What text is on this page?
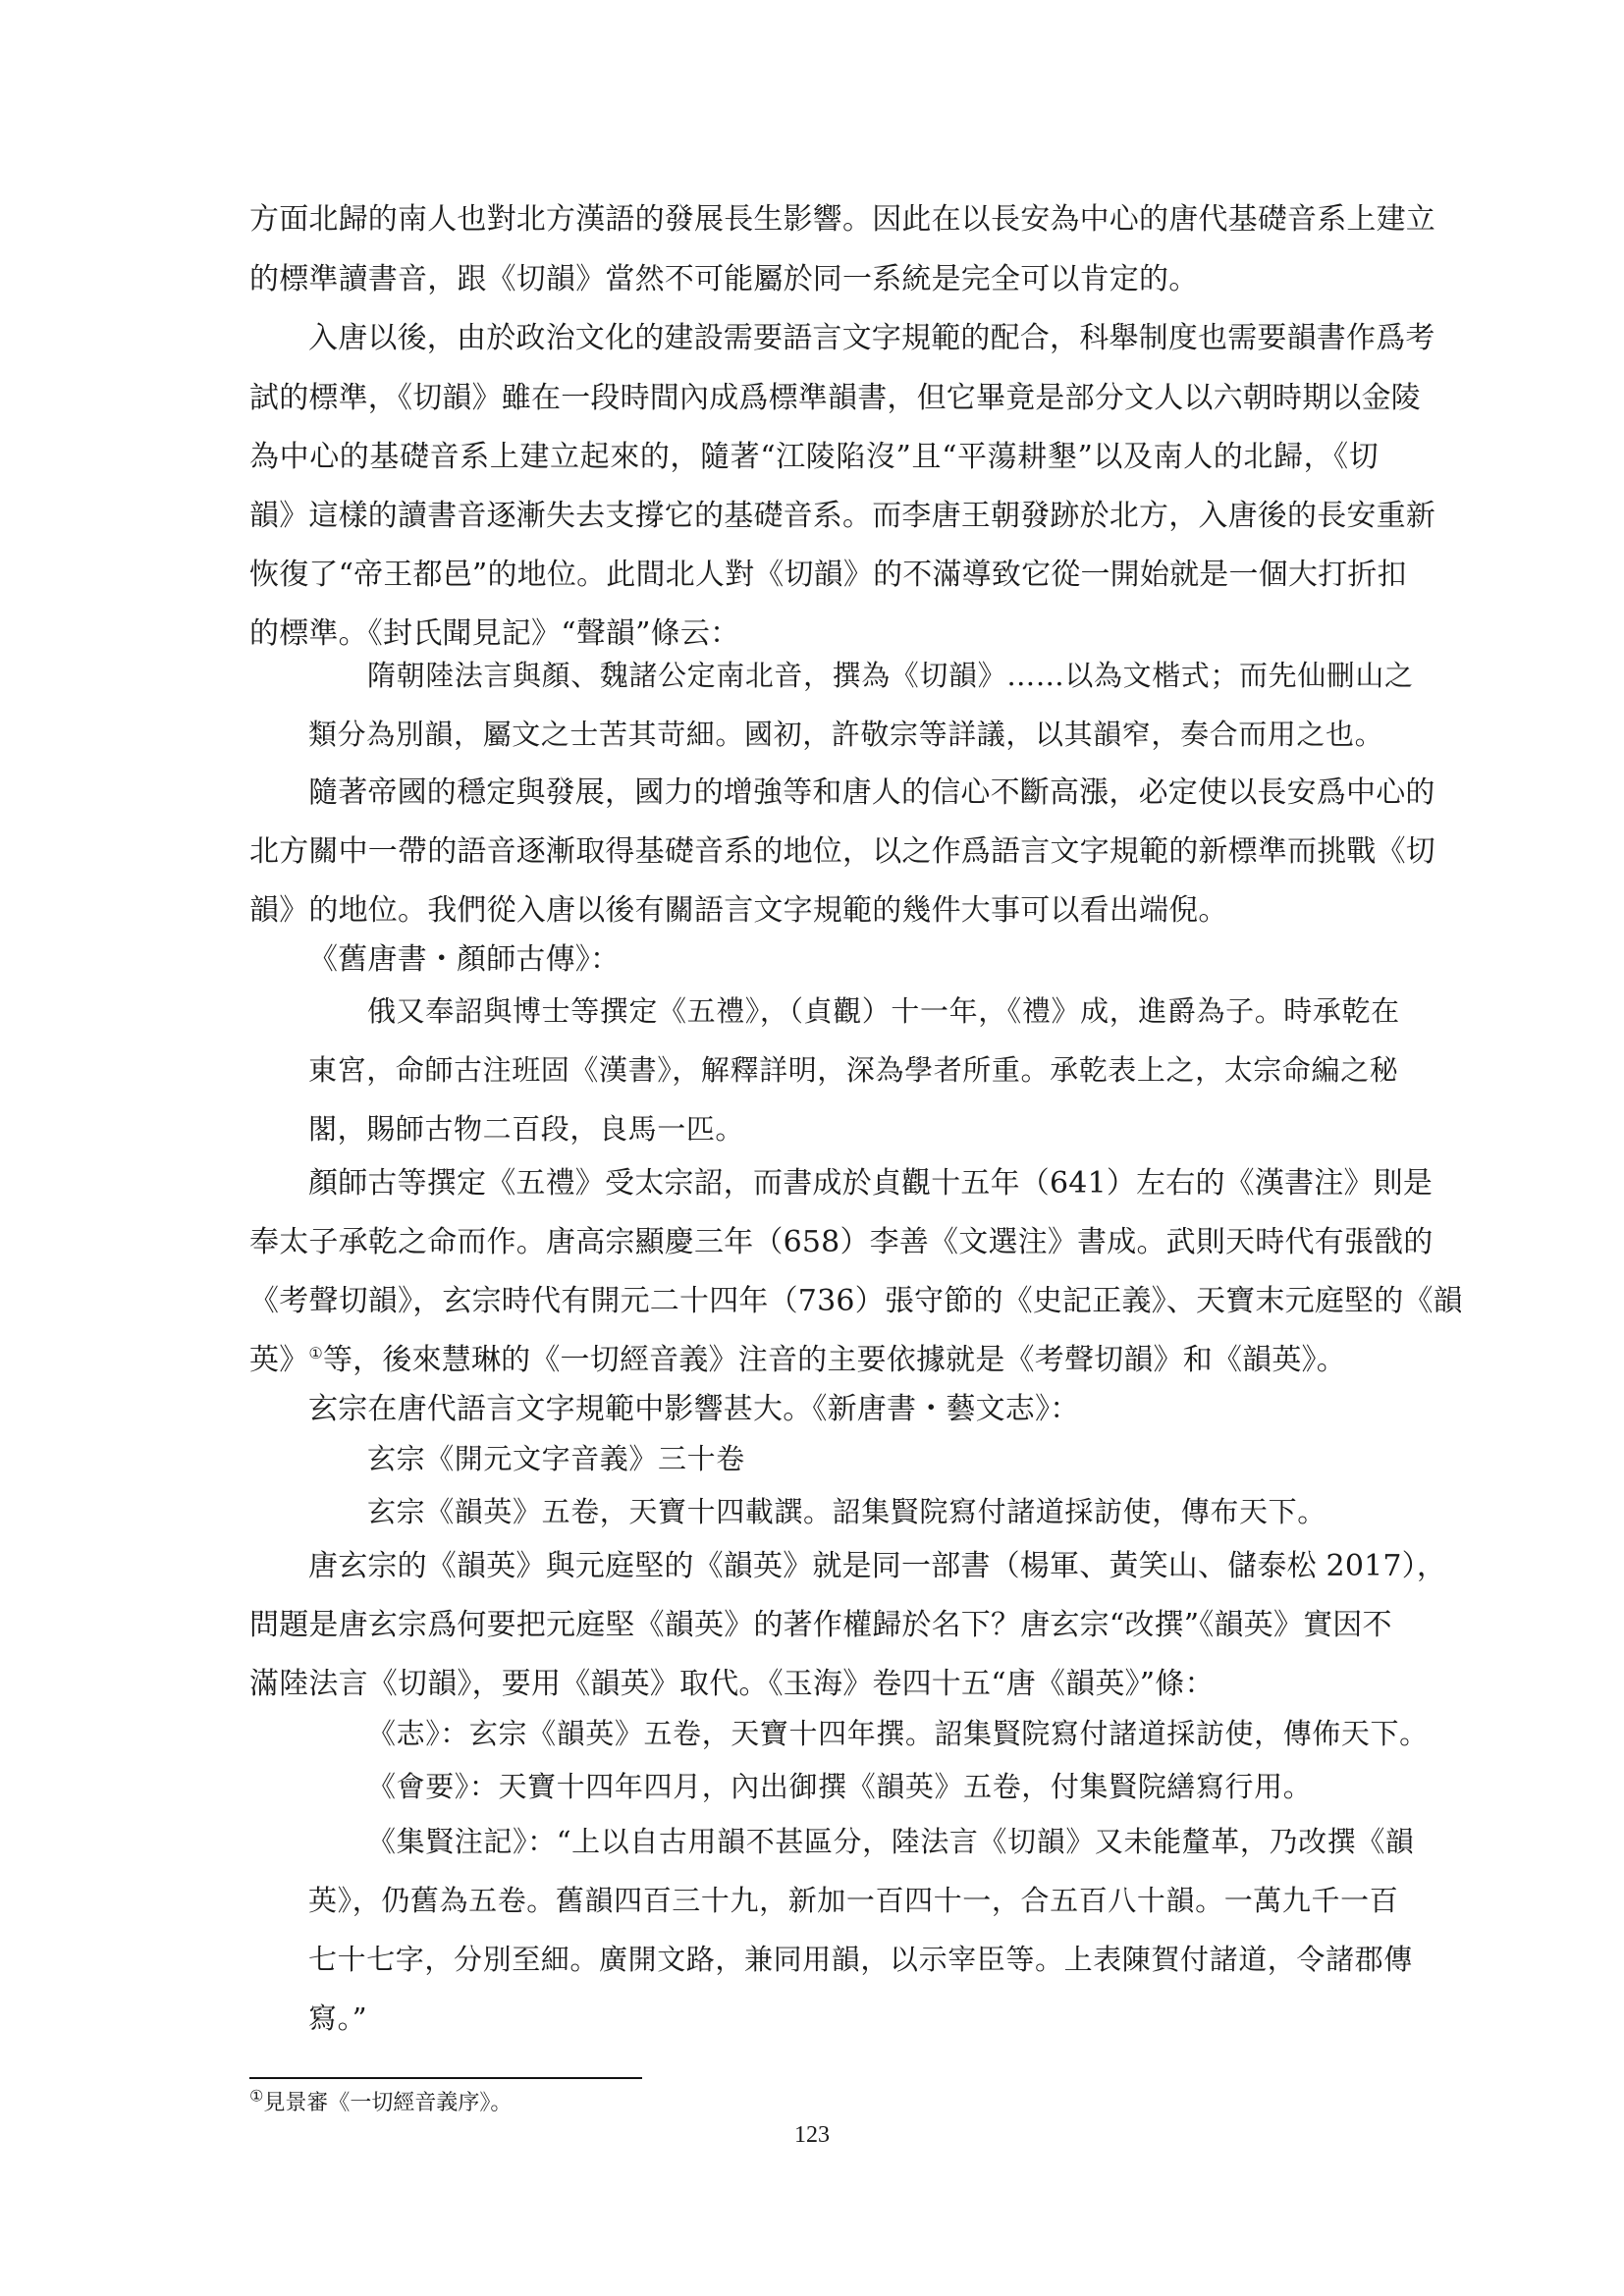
方面北歸的南人也對北方漢語的發展長生影響。因此在以長安為中心的唐代基礎音系上建立
的標準讀書音，跟《切韻》當然不可能屬於同一系統是完全可以肯定的。
入唐以後，由於政治文化的建設需要語言文字規範的配合，科舉制度也需要韻書作爲考
試的標準，《切韻》雖在一段時間內成爲標準韻書，但它畢竟是部分文人以六朝時期以金陵
為中心的基礎音系上建立起來的，隨著“江陵陷沒”且“平蕩耕墾”以及南人的北歸，《切
韻》這樣的讀書音逐漸失去支撐它的基礎音系。而李唐王朝發跡於北方，入唐後的長安重新
恢復了“帝王都邑”的地位。此間北人對《切韻》的不滿導致它從一開始就是一個大打折扣
的標準。《封氏聞見記》“聲韻”條云：
隋朝陸法言與顏、魏諸公定南北音，撰為《切韻》……以為文楷式；而先仙刪山之
類分為別韻，屬文之士苦其苛細。國初，許敬宗等詳議，以其韻窄，奏合而用之也。
隨著帝國的穩定與發展，國力的增強等和唐人的信心不斷高漲，必定使以長安爲中心的
北方關中一帶的語音逐漸取得基礎音系的地位，以之作爲語言文字規範的新標準而挑戰《切
韻》的地位。我們從入唐以後有關語言文字規範的幾件大事可以看出端倪。
《舊唐書・顏師古傳》：
俄又奉詔與博士等撰定《五禮》，（貞觀）十一年，《禮》成，進爵為子。時承乾在
東宮，命師古注班固《漢書》，解釋詳明，深為學者所重。承乾表上之，太宗命編之秘
閣，賜師古物二百段，良馬一匹。
顏師古等撰定《五禮》受太宗詔，而書成於貞觀十五年（641）左右的《漢書注》則是
奉太子承乾之命而作。唐高宗顯慶三年（658）李善《文選注》書成。武則天時代有張戩的
《考聲切韻》，玄宗時代有開元二十四年（736）張守節的《史記正義》、天寶末元庭堅的《韻
英》①等，後來慧琳的《一切經音義》注音的主要依據就是《考聲切韻》和《韻英》。
玄宗在唐代語言文字規範中影響甚大。《新唐書・藝文志》：
玄宗《開元文字音義》三十卷
玄宗《韻英》五卷，天寶十四載譔。詔集賢院寫付諸道採訪使，傳布天下。
唐玄宗的《韻英》與元庭堅的《韻英》就是同一部書（楊軍、黃笑山、儲泰松 2017），
問題是唐玄宗爲何要把元庭堅《韻英》的著作權歸於名下？唐玄宗“改撰”《韻英》實因不
滿陸法言《切韻》，要用《韻英》取代。《玉海》卷四十五“唐《韻英》”條：
《志》：玄宗《韻英》五卷，天寶十四年撰。詔集賢院寫付諸道採訪使，傳佈天下。
《會要》：天寶十四年四月，內出御撰《韻英》五卷，付集賢院繕寫行用。
《集賢注記》：“上以自古用韻不甚區分，陸法言《切韻》又未能釐革，乃改撰《韻
英》，仍舊為五卷。舊韻四百三十九，新加一百四十一，合五百八十韻。一萬九千一百
七十七字，分別至細。廣開文路，兼同用韻，以示宰臣等。上表陳賀付諸道，令諸郡傳
寫。”
①見景審《一切經音義序》。
123
